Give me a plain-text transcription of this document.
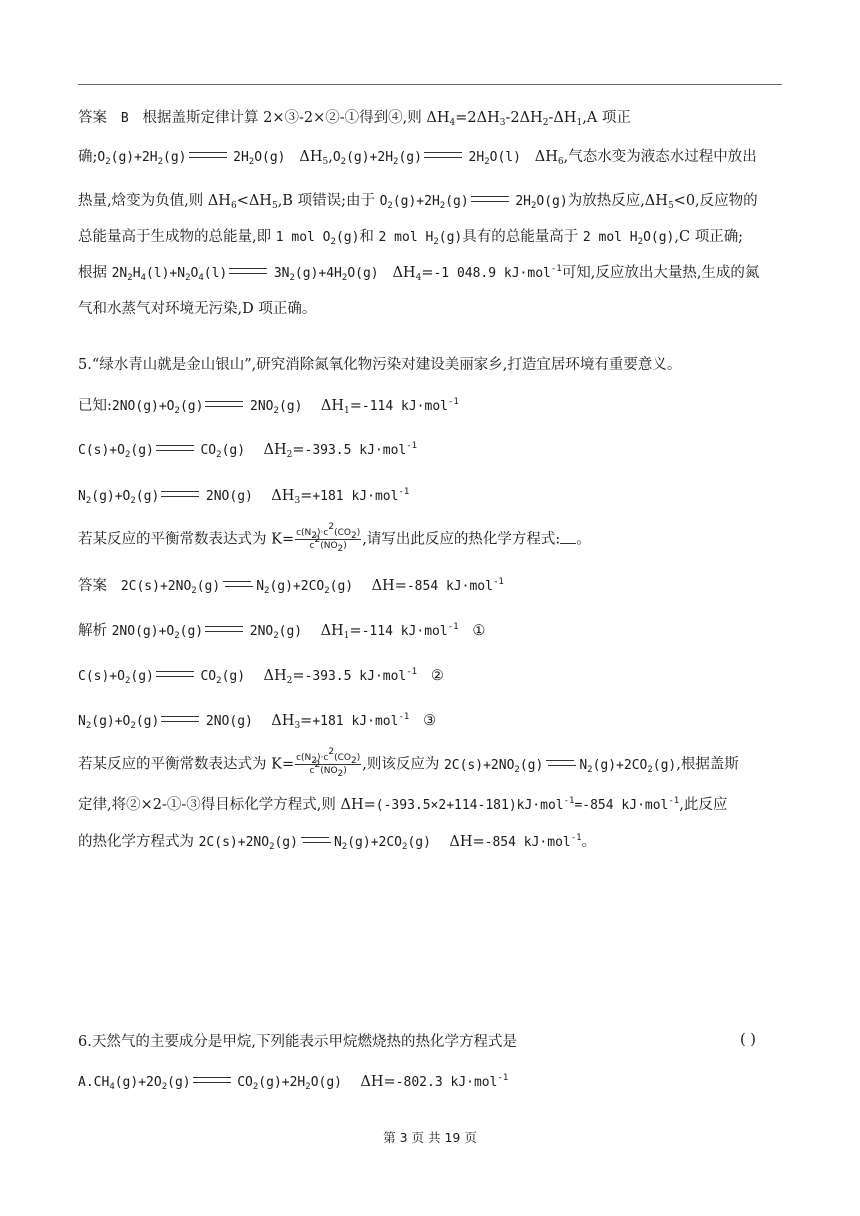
答案 B   根据盖斯定律计算 2×③-2×②-①得到④,则 $\Delta H_4=2\Delta H_3-2\Delta H_2-\Delta H_1,A$ 项正
确$;O_2(g)+2H_2(g)$	$2H_2O(g)$   $\Delta H_5,O_2(g)+2H_2(g)$	$2H_2O(l)$   $\Delta H_6$,气态水变为液态水过程中放出
热量,焓变为负值,则 $\Delta H_6<\Delta H_5,B$ 项错误;由于 $O_2(g)+2H_2(g)$	$2H_2O(g)$为放热反应$,\Delta H_5<0$,反应物的
总能量高于生成物的总能量,即 1 mol $O_2(g)$和 2 mol $H_2(g)$具有的总能量高于 2 mol $H_2O(g),C$ 项正确;
根据 $2N_2H_4(l)+N_2O_4(l)$	$3N_2(g)+4H_2O(g)$   $\Delta H_4=-1$ 048.9 kJ·mol$^{-1}$可知,反应放出大量热,生成的氮
气和水蒸气对环境无污染,D 项正确。
5.“绿水青山就是金山银山”,研究消除氮氧化物污染对建设美丽家乡,打造宜居环境有重要意义。
已知$:2NO(g)+O_2(g)$	$2NO_2(g)$    $\Delta H_1=-114$ kJ·mol$^{-1}$
$C(s)+O_2(g)$	$CO_2(g)$    $\Delta H_2=-393.5$ kJ·mol$^{-1}$
$N_2(g)+O_2(g)$	2NO(g)    $\Delta H_3=+181$ kJ·mol$^{-1}$
若某反应的平衡常数表达式为 $K= \frac{c(N_2)\cdot c^2(CO_2)}{c^2(NO_2)}$ ,请写出此反应的热化学方程式: 。
答案 $2C(s)+2NO_2(g)$	$N_2(g)+2CO_2(g)$    ΔH=-854 kJ·mol$^{-1}$
解析 $2NO(g)+O_2(g)$	$2NO_2(g)$    $\Delta H_1=-114$ kJ·mol$^{-1}$   ①
$C(s)+O_2(g)$	$CO_2(g)$    $\Delta H_2=-393.5$ kJ·mol$^{-1}$   ②
$N_2(g)+O_2(g)$	2NO(g)    $\Delta H_3=+181$ kJ·mol$^{-1}$   ③
若某反应的平衡常数表达式为 $K= \frac{c(N_2)\cdot c^2(CO_2)}{c^2(NO_2)}$ ,则该反应为 $2C(s)+2NO_2(g)$	$N_2(g)+2CO_2(g)$,根据盖斯
定律,将②×2-①-③得目标化学方程式,则 ΔH=(-393.5×2+114-181)kJ·mol$^{-1}$=-854 kJ·mol$^{-1}$,此反应
的热化学方程式为 $2C(s)+2NO_2(g)$	$N_2(g)+2CO_2(g)$    ΔH=-854 kJ·mol$^{-1}$。
6.天然气的主要成分是甲烷,下列能表示甲烷燃烧热的热化学方程式是	( )
$A.CH_4(g)+2O_2(g)$	$CO_2(g)+2H_2O(g)$    ΔH=-802.3 kJ·mol$^{-1}$
第 3 页 共 19 页
